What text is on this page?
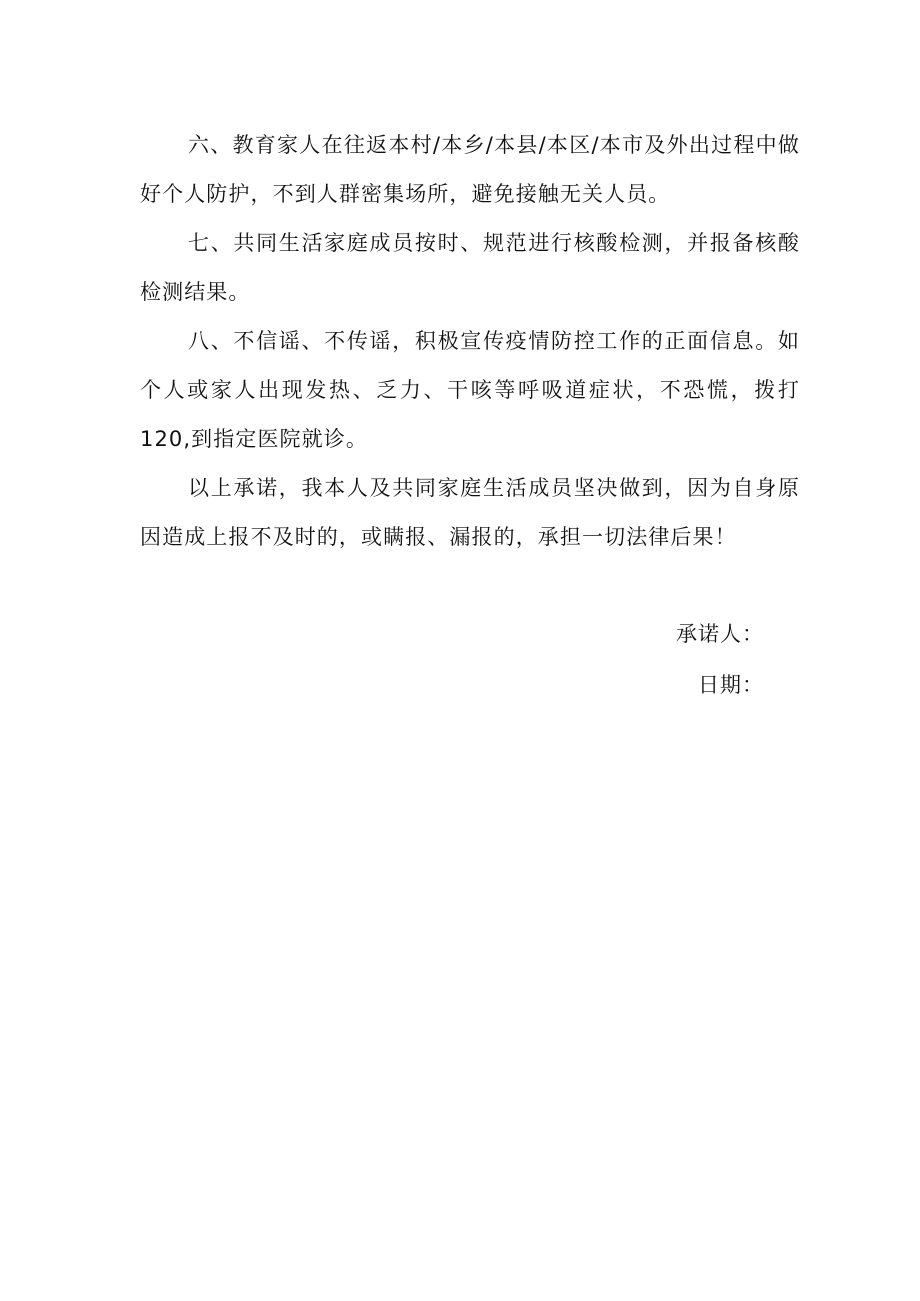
六、教育家人在往返本村/本乡/本县/本区/本市及外出过程中做好个人防护，不到人群密集场所，避免接触无关人员。

七、共同生活家庭成员按时、规范进行核酸检测，并报备核酸检测结果。

八、不信谣、不传谣，积极宣传疫情防控工作的正面信息。如个人或家人出现发热、乏力、干咳等呼吸道症状，不恐慌，拨打 120,到指定医院就诊。

以上承诺，我本人及共同家庭生活成员坚决做到，因为自身原因造成上报不及时的，或瞒报、漏报的，承担一切法律后果！

承诺人：
日期：
